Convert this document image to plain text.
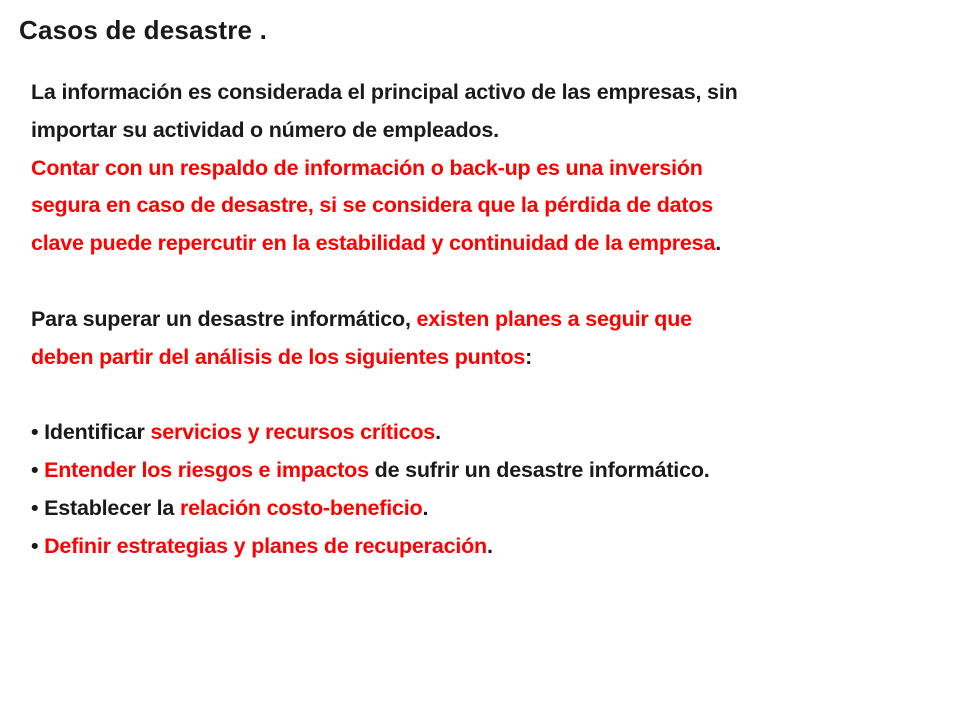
Casos de desastre .

La información es considerada el principal activo de las empresas, sin
importar su actividad o número de empleados.

Contar con un respaldo de información o back-up es una inversión
segura en caso de desastre, si se considera que la pérdida de datos
clave puede repercutir en la estabilidad y continuidad de la empresa.

Para superar un desastre informático, existen planes a seguir que
deben partir del análisis de los siguientes puntos:

• Identificar servicios y recursos críticos.
• Entender los riesgos e impactos de sufrir un desastre informático.
• Establecer la relación costo-beneficio.
• Definir estrategias y planes de recuperación.
